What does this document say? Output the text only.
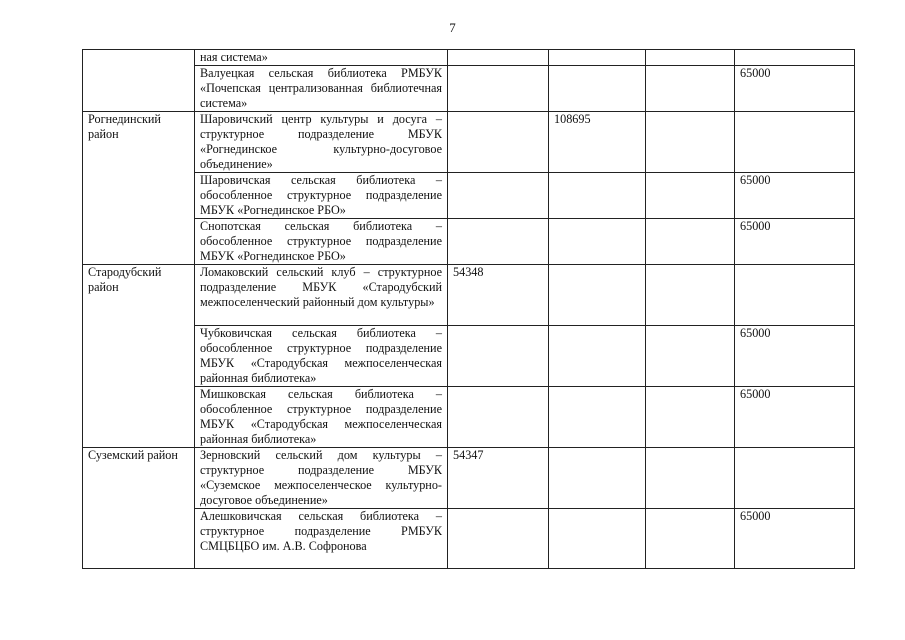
7
	ная система»				
	Валуецкая сельская библиотека РМБУК «Почепская централизованная библиотечная система»				65000
Рогнединский район	Шаровичский центр культуры и досуга – структурное подразделение МБУК «Рогнединское культурно-досуговое объединение»		108695		
	Шаровичская сельская библиотека – обособленное структурное подразделение МБУК «Рогнединское РБО»				65000
	Снопотская сельская библиотека – обособленное структурное подразделение МБУК «Рогнединское РБО»				65000
Стародубский район	Ломаковский сельский клуб – структурное подразделение МБУК «Стародубский межпоселенческий районный дом культуры»	54348			
	Чубковичская сельская библиотека – обособленное структурное подразделение МБУК «Стародубская межпоселенческая районная библиотека»				65000
	Мишковская сельская библиотека – обособленное структурное подразделение МБУК «Стародубская межпоселенческая районная библиотека»				65000
Суземский район	Зерновский сельский дом культуры – структурное подразделение МБУК «Суземское межпоселенческое культурно-досуговое объединение»	54347			
	Алешковичская сельская библиотека – структурное подразделение РМБУК СМЦБЦБО им. А.В. Софронова				65000
